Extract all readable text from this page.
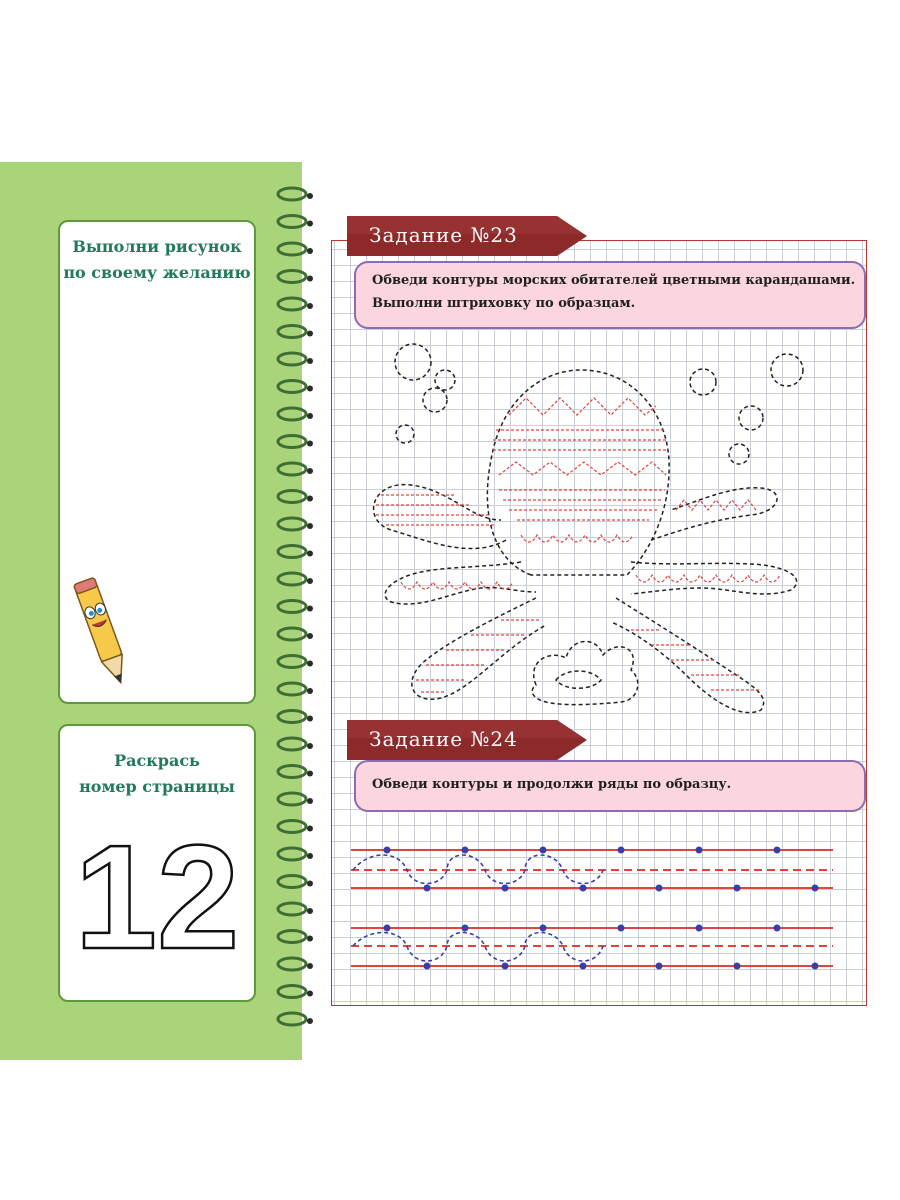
Выполни рисунок
по своему желанию
Раскрась
номер страницы
12
Задание №23
Обведи контуры морских обитателей цветными карандашами.
Выполни штриховку по образцам.
Задание №24
Обведи контуры и продолжи ряды по образцу.
